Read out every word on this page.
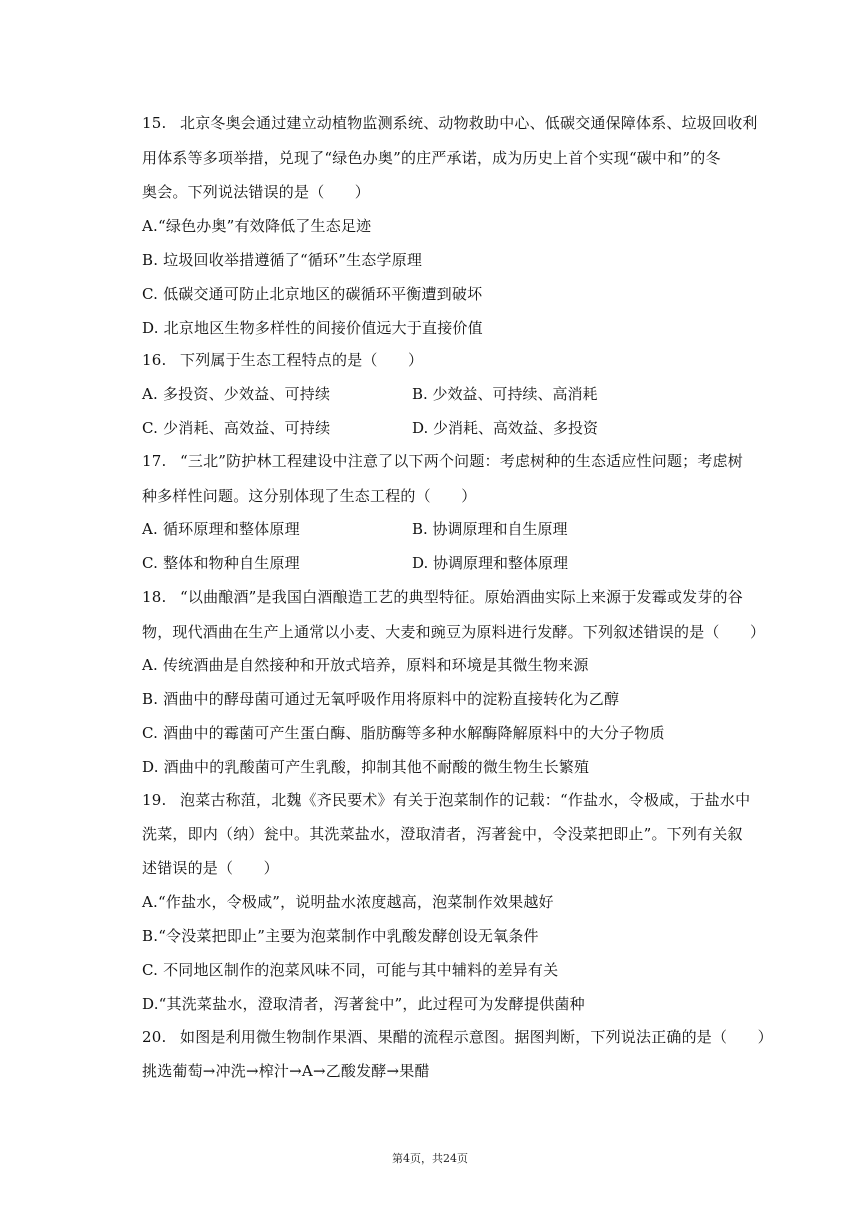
15. 北京冬奥会通过建立动植物监测系统、动物救助中心、低碳交通保障体系、垃圾回收利
用体系等多项举措，兑现了“绿色办奥”的庄严承诺，成为历史上首个实现“碳中和”的冬
奥会。下列说法错误的是（　　）
A.“绿色办奥”有效降低了生态足迹
B. 垃圾回收举措遵循了“循环”生态学原理
C. 低碳交通可防止北京地区的碳循环平衡遭到破坏
D. 北京地区生物多样性的间接价值远大于直接价值
16. 下列属于生态工程特点的是（　　）
A. 多投资、少效益、可持续	B. 少效益、可持续、高消耗
C. 少消耗、高效益、可持续	D. 少消耗、高效益、多投资
17. “三北”防护林工程建设中注意了以下两个问题：考虑树种的生态适应性问题；考虑树
种多样性问题。这分别体现了生态工程的（　　）
A. 循环原理和整体原理	B. 协调原理和自生原理
C. 整体和物种自生原理	D. 协调原理和整体原理
18. “以曲酿酒”是我国白酒酿造工艺的典型特征。原始酒曲实际上来源于发霉或发芽的谷
物，现代酒曲在生产上通常以小麦、大麦和豌豆为原料进行发酵。下列叙述错误的是（　　）
A. 传统酒曲是自然接种和开放式培养，原料和环境是其微生物来源
B. 酒曲中的酵母菌可通过无氧呼吸作用将原料中的淀粉直接转化为乙醇
C. 酒曲中的霉菌可产生蛋白酶、脂肪酶等多种水解酶降解原料中的大分子物质
D. 酒曲中的乳酸菌可产生乳酸，抑制其他不耐酸的微生物生长繁殖
19. 泡菜古称菹，北魏《齐民要术》有关于泡菜制作的记载：“作盐水，令极咸，于盐水中
洗菜，即内（纳）瓮中。其洗菜盐水，澄取清者，泻著瓮中，令没菜把即止”。下列有关叙
述错误的是（　　）
A.“作盐水，令极咸”，说明盐水浓度越高，泡菜制作效果越好
B.“令没菜把即止”主要为泡菜制作中乳酸发酵创设无氧条件
C. 不同地区制作的泡菜风味不同，可能与其中辅料的差异有关
D.“其洗菜盐水，澄取清者，泻著瓮中”，此过程可为发酵提供菌种
20. 如图是利用微生物制作果酒、果醋的流程示意图。据图判断，下列说法正确的是（　　）
挑选葡萄→冲洗→榨汁→A→乙酸发酵→果醋
第4页，共24页
